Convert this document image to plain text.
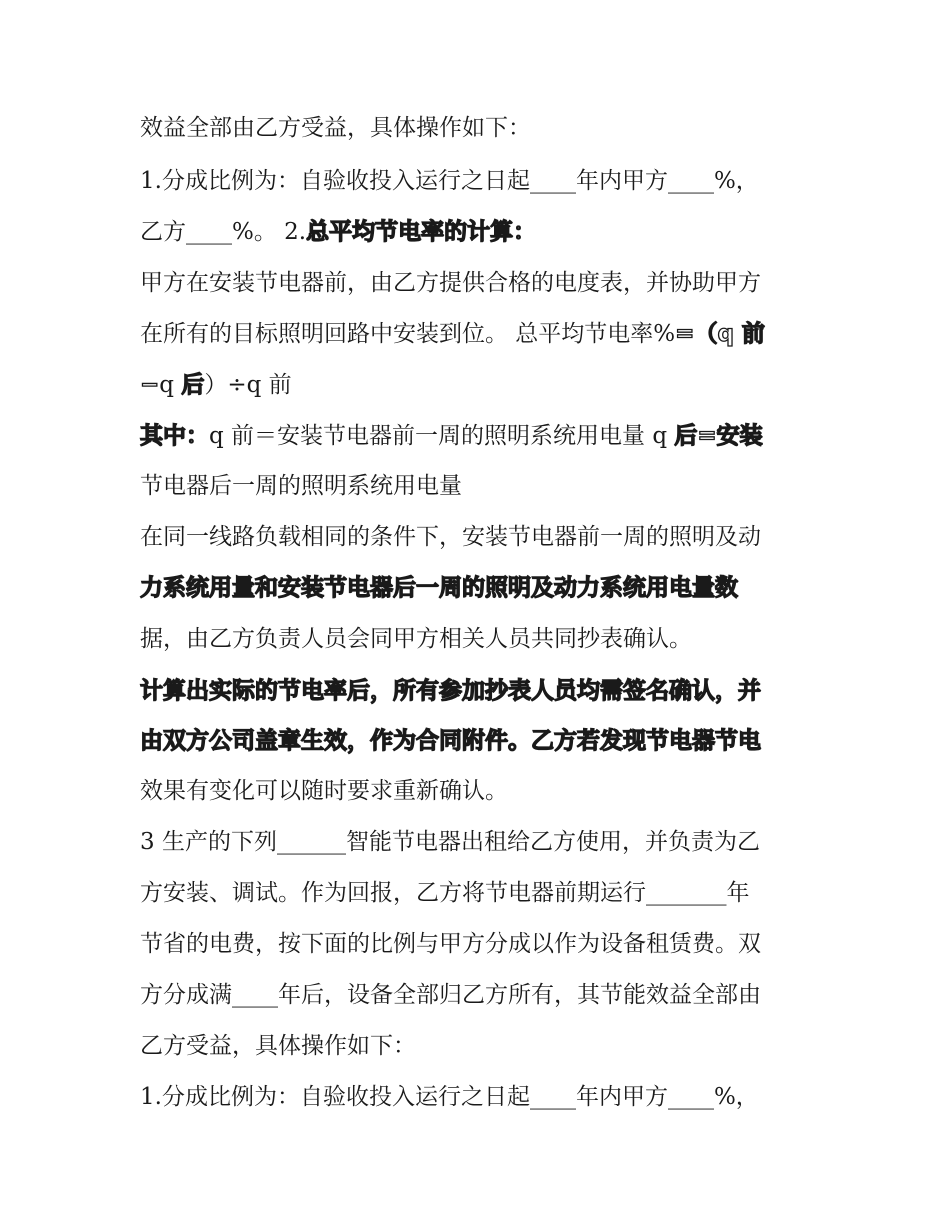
效益全部由乙方受益，具体操作如下：

1.分成比例为：自验收投入运行之日起____年内甲方____%，

乙方____%。 2.总平均节电率的计算：

甲方在安装节电器前，由乙方提供合格的电度表，并协助甲方

在所有的目标照明回路中安装到位。 总平均节电率%=（q 前

−q 后）÷q 前

其中：q 前＝安装节电器前一周的照明系统用电量 q 后=安装

节电器后一周的照明系统用电量

在同一线路负载相同的条件下，安装节电器前一周的照明及动

力系统用量和安装节电器后一周的照明及动力系统用电量数

据，由乙方负责人员会同甲方相关人员共同抄表确认。

计算出实际的节电率后，所有参加抄表人员均需签名确认，并

由双方公司盖章生效，作为合同附件。乙方若发现节电器节电

效果有变化可以随时要求重新确认。

3 生产的下列______智能节电器出租给乙方使用，并负责为乙

方安装、调试。作为回报，乙方将节电器前期运行_______年

节省的电费，按下面的比例与甲方分成以作为设备租赁费。双

方分成满____年后，设备全部归乙方所有，其节能效益全部由

乙方受益，具体操作如下：

1.分成比例为：自验收投入运行之日起____年内甲方____%，
